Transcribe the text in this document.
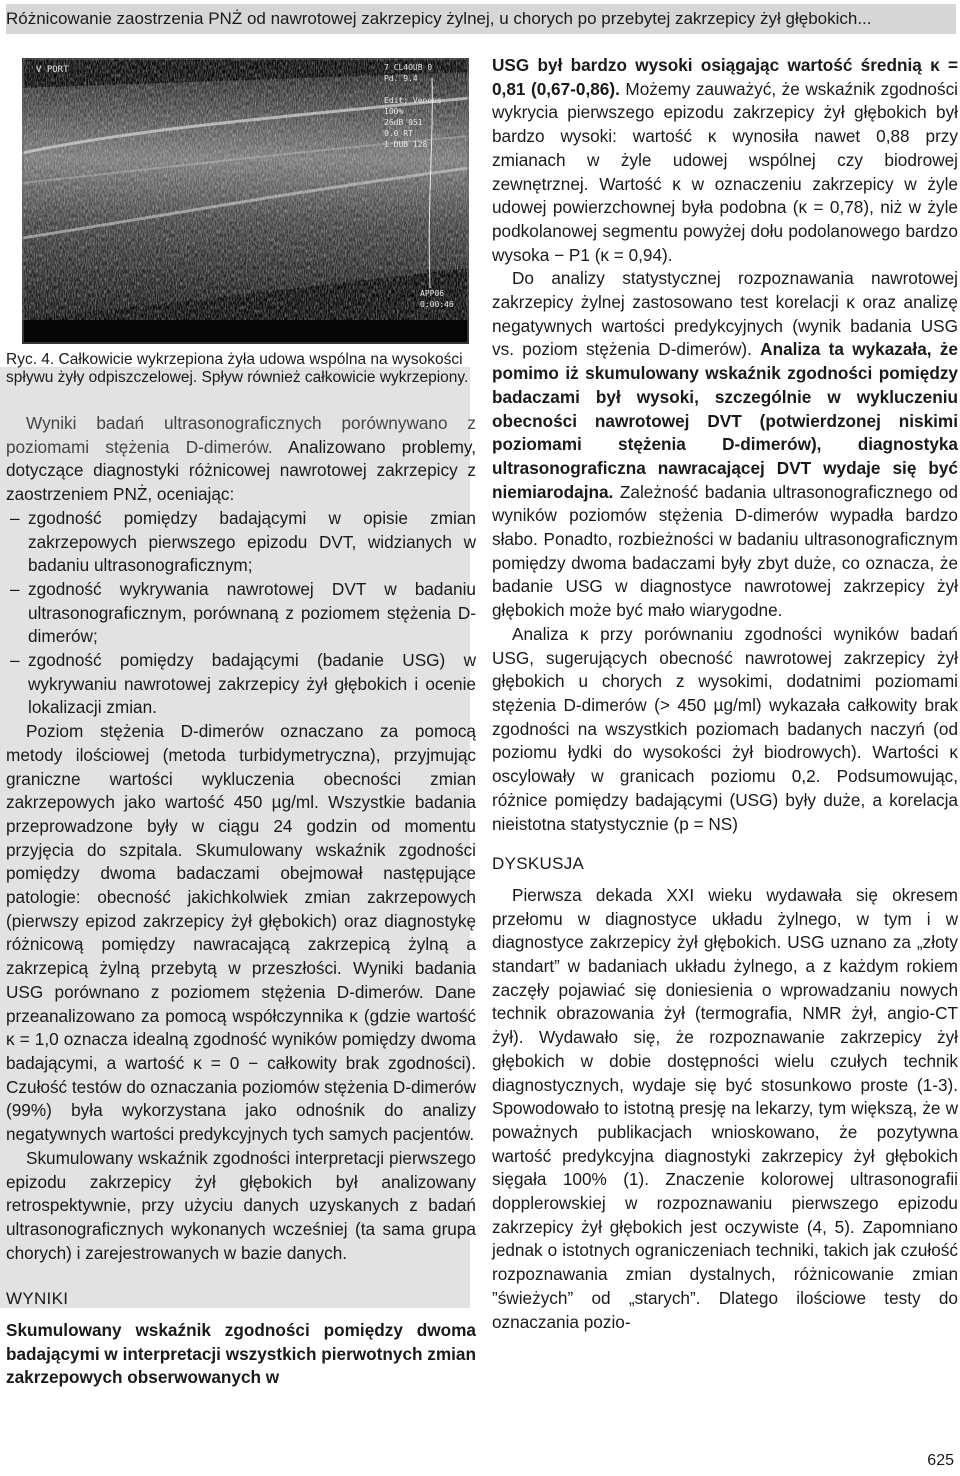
Różnicowanie zaostrzenia PNŻ od nawrotowej zakrzepicy żylnej, u chorych po przebytej zakrzepicy żył głębokich...
V PORT	7 CL4OUB 0
Pd. 9.4
Edit: Venous
100%
26dB 051
0.0 RT
1 DUB 128
APP06
0:00:46
Ryc. 4. Całkowicie wykrzepiona żyła udowa wspólna na wysokości spływu żyły odpiszczelowej. Spływ również całkowicie wykrzepiony.

Wyniki badań ultrasonograficznych porównywano z poziomami stężenia D-dimerów. Analizowano problemy, dotyczące diagnostyki różnicowej nawrotowej zakrzepicy z zaostrzeniem PNŻ, oceniając:

– zgodność pomiędzy badającymi w opisie zmian zakrzepowych pierwszego epizodu DVT, widzianych w badaniu ultrasonograficznym;
– zgodność wykrywania nawrotowej DVT w badaniu ultrasonograficznym, porównaną z poziomem stężenia D-dimerów;
– zgodność pomiędzy badającymi (badanie USG) w wykrywaniu nawrotowej zakrzepicy żył głębokich i ocenie lokalizacji zmian.

Poziom stężenia D-dimerów oznaczano za pomocą metody ilościowej (metoda turbidymetryczna), przyjmując graniczne wartości wykluczenia obecności zmian zakrzepowych jako wartość 450 µg/ml. Wszystkie badania przeprowadzone były w ciągu 24 godzin od momentu przyjęcia do szpitala. Skumulowany wskaźnik zgodności pomiędzy dwoma badaczami obejmował następujące patologie: obecność jakichkolwiek zmian zakrzepowych (pierwszy epizod zakrzepicy żył głębokich) oraz diagnostykę różnicową pomiędzy nawracającą zakrzepicą żylną a zakrzepicą żylną przebytą w przeszłości. Wyniki badania USG porównano z poziomem stężenia D-dimerów. Dane przeanalizowano za pomocą współczynnika κ (gdzie wartość κ = 1,0 oznacza idealną zgodność wyników pomiędzy dwoma badającymi, a wartość κ = 0 − całkowity brak zgodności). Czułość testów do oznaczania poziomów stężenia D-dimerów (99%) była wykorzystana jako odnośnik do analizy negatywnych wartości predykcyjnych tych samych pacjentów.

Skumulowany wskaźnik zgodności interpretacji pierwszego epizodu zakrzepicy żył głębokich był analizowany retrospektywnie, przy użyciu danych uzyskanych z badań ultrasonograficznych wykonanych wcześniej (ta sama grupa chorych) i zarejestrowanych w bazie danych.

WYNIKI

Skumulowany wskaźnik zgodności pomiędzy dwoma badającymi w interpretacji wszystkich pierwotnych zmian zakrzepowych obserwowanych w

USG był bardzo wysoki osiągając wartość średnią κ = 0,81 (0,67-0,86). Możemy zauważyć, że wskaźnik zgodności wykrycia pierwszego epizodu zakrzepicy żył głębokich był bardzo wysoki: wartość κ wynosiła nawet 0,88 przy zmianach w żyle udowej wspólnej czy biodrowej zewnętrznej. Wartość κ w oznaczeniu zakrzepicy w żyle udowej powierzchownej była podobna (κ = 0,78), niż w żyle podkolanowej segmentu powyżej dołu podolanowego bardzo wysoka − P1 (κ = 0,94).

Do analizy statystycznej rozpoznawania nawrotowej zakrzepicy żylnej zastosowano test korelacji κ oraz analizę negatywnych wartości predykcyjnych (wynik badania USG vs. poziom stężenia D-dimerów). Analiza ta wykazała, że pomimo iż skumulowany wskaźnik zgodności pomiędzy badaczami był wysoki, szczególnie w wykluczeniu obecności nawrotowej DVT (potwierdzonej niskimi poziomami stężenia D-dimerów), diagnostyka ultrasonograficzna nawracającej DVT wydaje się być niemiarodajna. Zależność badania ultrasonograficznego od wyników poziomów stężenia D-dimerów wypadła bardzo słabo. Ponadto, rozbieżności w badaniu ultrasonograficznym pomiędzy dwoma badaczami były zbyt duże, co oznacza, że badanie USG w diagnostyce nawrotowej zakrzepicy żył głębokich może być mało wiarygodne.

Analiza κ przy porównaniu zgodności wyników badań USG, sugerujących obecność nawrotowej zakrzepicy żył głębokich u chorych z wysokimi, dodatnimi poziomami stężenia D-dimerów (> 450 µg/ml) wykazała całkowity brak zgodności na wszystkich poziomach badanych naczyń (od poziomu łydki do wysokości żył biodrowych). Wartości κ oscylowały w granicach poziomu 0,2. Podsumowując, różnice pomiędzy badającymi (USG) były duże, a korelacja nieistotna statystycznie (p = NS)

DYSKUSJA

Pierwsza dekada XXI wieku wydawała się okresem przełomu w diagnostyce układu żylnego, w tym i w diagnostyce zakrzepicy żył głębokich. USG uznano za „złoty standart” w badaniach układu żylnego, a z każdym rokiem zaczęły pojawiać się doniesienia o wprowadzaniu nowych technik obrazowania żył (termografia, NMR żył, angio-CT żył). Wydawało się, że rozpoznawanie zakrzepicy żył głębokich w dobie dostępności wielu czułych technik diagnostycznych, wydaje się być stosunkowo proste (1-3). Spowodowało to istotną presję na lekarzy, tym większą, że w poważnych publikacjach wnioskowano, że pozytywna wartość predykcyjna diagnostyki zakrzepicy żył głębokich sięgała 100% (1). Znaczenie kolorowej ultrasonografii dopplerowskiej w rozpoznawaniu pierwszego epizodu zakrzepicy żył głębokich jest oczywiste (4, 5). Zapomniano jednak o istotnych ograniczeniach techniki, takich jak czułość rozpoznawania zmian dystalnych, różnicowanie zmian ”świeżych” od „starych”. Dlatego ilościowe testy do oznaczania pozio-

625
